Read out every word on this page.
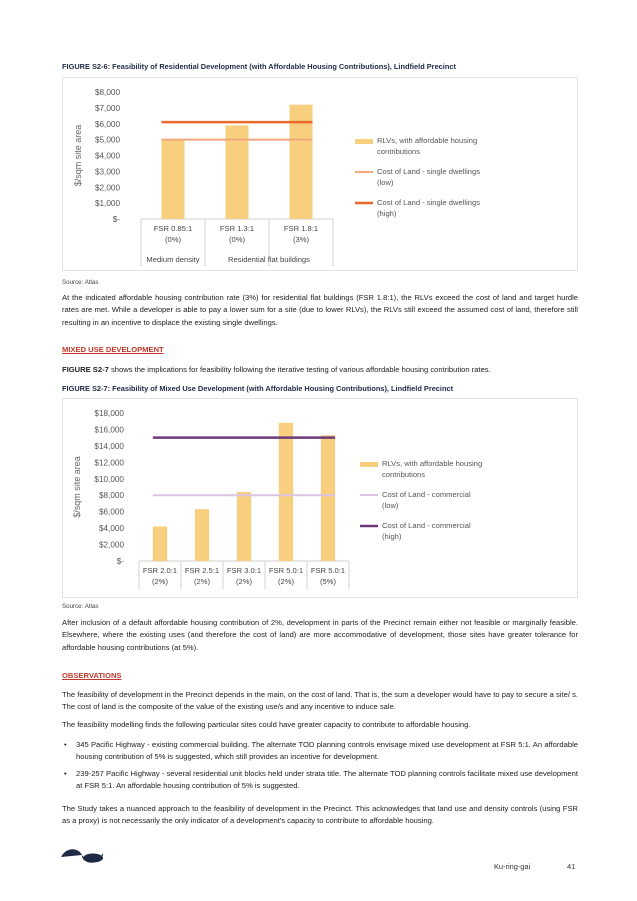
FIGURE S2-6: Feasibility of Residential Development (with Affordable Housing Contributions), Lindfield Precinct
$/sqm site area
$8,000
$7,000
$6,000
$5,000
$4,000
$3,000
$2,000
$1,000
$-
FSR 0.85:1
(0%)
FSR 1.3:1
(0%)
FSR 1.8:1
(3%)
Medium density	Residential flat buildings
RLVs, with affordable housing contributions
Cost of Land - single dwellings (low)
Cost of Land - single dwellings (high)
Source: Atlas

At the indicated affordable housing contribution rate (3%) for residential flat buildings (FSR 1.8:1), the RLVs exceed the cost of land and target hurdle rates are met. While a developer is able to pay a lower sum for a site (due to lower RLVs), the RLVs still exceed the assumed cost of land, therefore still resulting in an incentive to displace the existing single dwellings.

MIXED USE DEVELOPMENT

FIGURE S2-7 shows the implications for feasibility following the iterative testing of various affordable housing contribution rates.

FIGURE S2-7: Feasibility of Mixed Use Development (with Affordable Housing Contributions), Lindfield Precinct
$/sqm site area
$18,000
$16,000
$14,000
$12,000
$10,000
$8,000
$6,000
$4,000
$2,000
$-
FSR 2.0:1
(2%)
FSR 2.5:1
(2%)
FSR 3.0:1
(2%)
FSR 5.0:1
(2%)
FSR 5.0:1
(5%)
RLVs, with affordable housing contributions
Cost of Land - commercial (low)
Cost of Land - commercial (high)
Source: Atlas

After inclusion of a default affordable housing contribution of 2%, development in parts of the Precinct remain either not feasible or marginally feasible. Elsewhere, where the existing uses (and therefore the cost of land) are more accommodative of development, those sites have greater tolerance for affordable housing contributions (at 5%).

OBSERVATIONS

The feasibility of development in the Precinct depends in the main, on the cost of land. That is, the sum a developer would have to pay to secure a site/ s. The cost of land is the composite of the value of the existing use/s and any incentive to induce sale.

The feasibility modelling finds the following particular sites could have greater capacity to contribute to affordable housing.

• 345 Pacific Highway - existing commercial building. The alternate TOD planning controls envisage mixed use development at FSR 5:1. An affordable housing contribution of 5% is suggested, which still provides an incentive for development.
• 239-257 Pacific Highway - several residential unit blocks held under strata title. The alternate TOD planning controls facilitate mixed use development at FSR 5:1. An affordable housing contribution of 5% is suggested.

The Study takes a nuanced approach to the feasibility of development in the Precinct. This acknowledges that land use and density controls (using FSR as a proxy) is not necessarily the only indicator of a development's capacity to contribute to affordable housing.

Ku-ring-gai	41
